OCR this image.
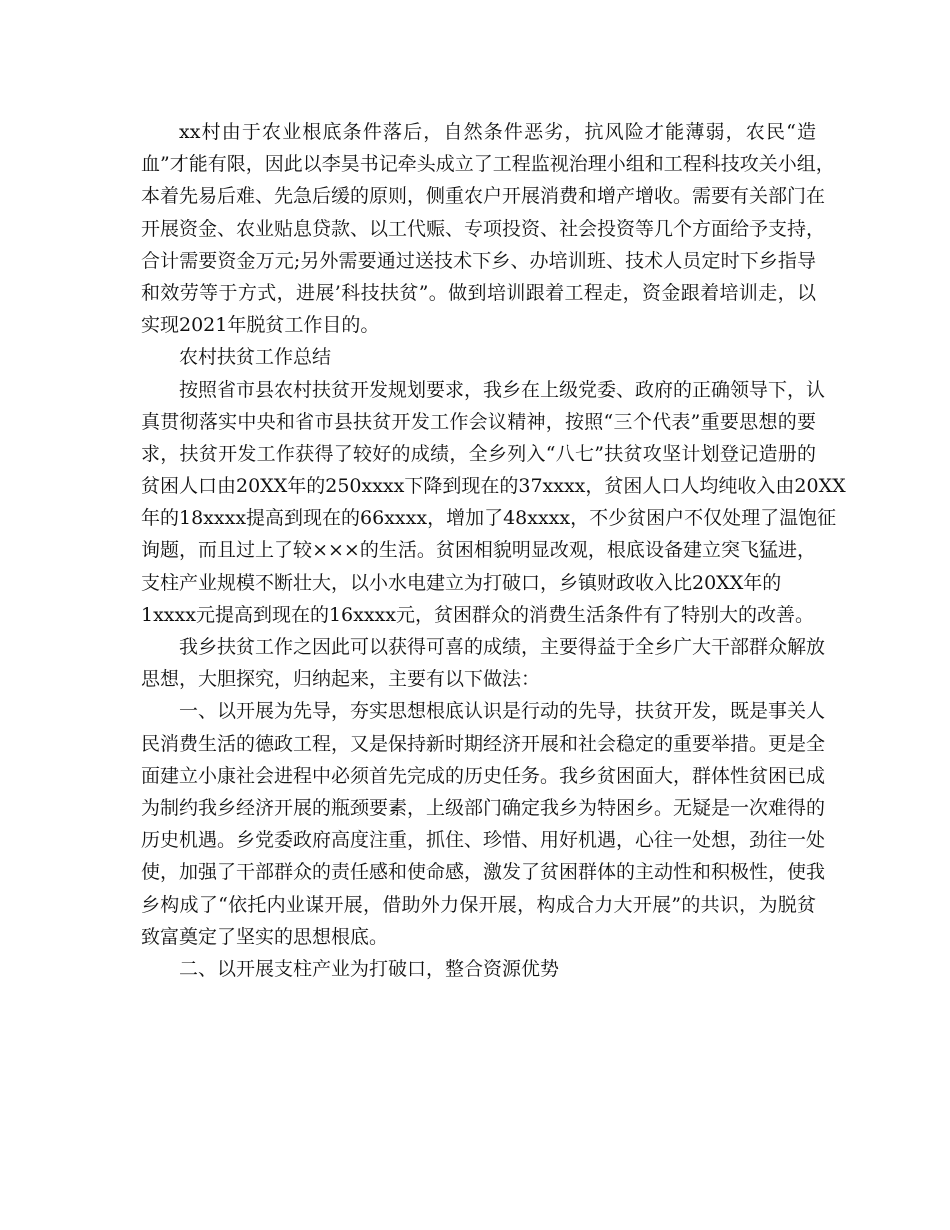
xx村由于农业根底条件落后，自然条件恶劣，抗风险才能薄弱，农民“造
血”才能有限，因此以李昊书记牵头成立了工程监视治理小组和工程科技攻关小组，
本着先易后难、先急后缓的原则，侧重农户开展消费和增产增收。需要有关部门在
开展资金、农业贴息贷款、以工代赈、专项投资、社会投资等几个方面给予支持，
合计需要资金万元;另外需要通过送技术下乡、办培训班、技术人员定时下乡指导
和效劳等于方式，进展’科技扶贫”。做到培训跟着工程走，资金跟着培训走，以
实现2021年脱贫工作目的。
农村扶贫工作总结
按照省市县农村扶贫开发规划要求，我乡在上级党委、政府的正确领导下，认
真贯彻落实中央和省市县扶贫开发工作会议精神，按照“三个代表”重要思想的要
求，扶贫开发工作获得了较好的成绩，全乡列入“八七”扶贫攻坚计划登记造册的
贫困人口由20XX年的250xxxx下降到现在的37xxxx，贫困人口人均纯收入由20XX
年的18xxxx提高到现在的66xxxx，增加了48xxxx，不少贫困户不仅处理了温饱征
询题，而且过上了较×××的生活。贫困相貌明显改观，根底设备建立突飞猛进，
支柱产业规模不断壮大，以小水电建立为打破口，乡镇财政收入比20XX年的
1xxxx元提高到现在的16xxxx元，贫困群众的消费生活条件有了特别大的改善。
我乡扶贫工作之因此可以获得可喜的成绩，主要得益于全乡广大干部群众解放
思想，大胆探究，归纳起来，主要有以下做法：
一、以开展为先导，夯实思想根底认识是行动的先导，扶贫开发，既是事关人
民消费生活的德政工程，又是保持新时期经济开展和社会稳定的重要举措。更是全
面建立小康社会进程中必须首先完成的历史任务。我乡贫困面大，群体性贫困已成
为制约我乡经济开展的瓶颈要素，上级部门确定我乡为特困乡。无疑是一次难得的
历史机遇。乡党委政府高度注重，抓住、珍惜、用好机遇，心往一处想，劲往一处
使，加强了干部群众的责任感和使命感，激发了贫困群体的主动性和积极性，使我
乡构成了“依托内业谋开展，借助外力保开展，构成合力大开展”的共识，为脱贫
致富奠定了坚实的思想根底。
二、以开展支柱产业为打破口，整合资源优势
